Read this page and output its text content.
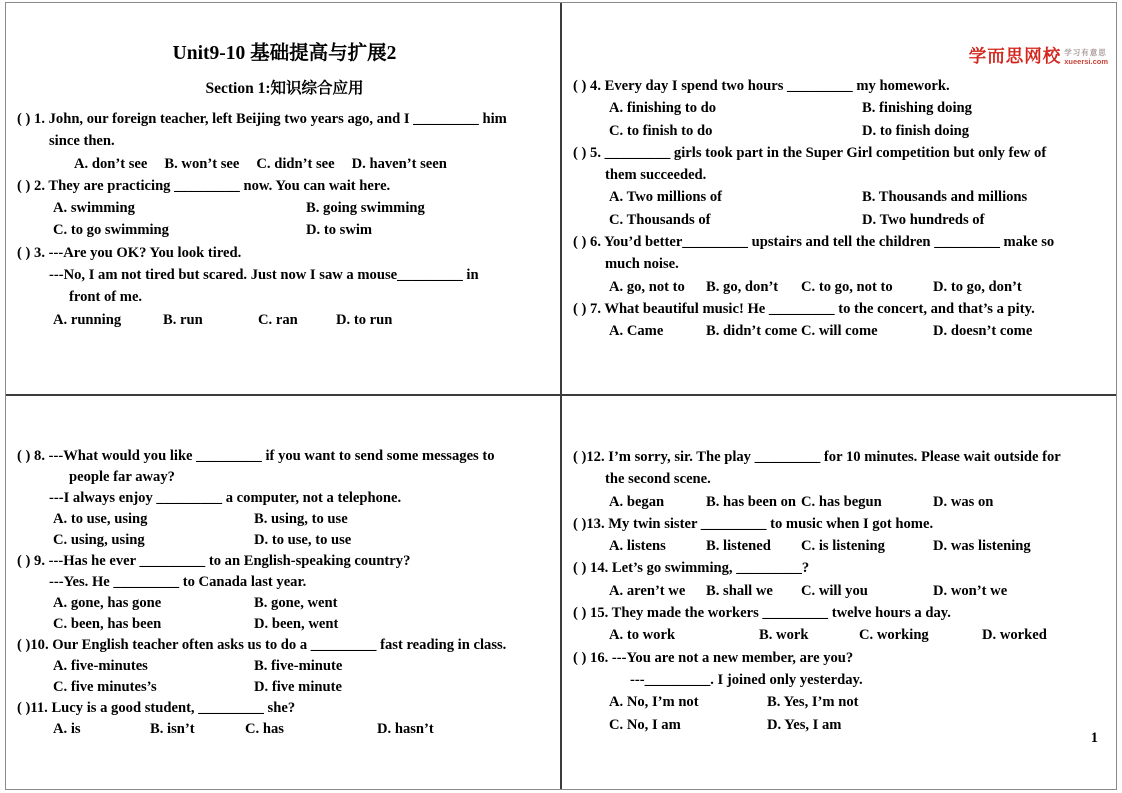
Unit9-10 基础提高与扩展2
Section 1:知识综合应用
( ) 1. John, our foreign teacher, left Beijing two years ago, and I _________ him
since then.
A. don’t see B. won’t see C. didn’t see D. haven’t seen
( ) 2. They are practicing _________ now. You can wait here.
A. swimming	B. going swimming
C. to go swimming	D. to swim
( ) 3. ---Are you OK? You look tired.
---No, I am not tired but scared. Just now I saw a mouse_________ in
front of me.
A. running	B. run	C. ran	D. to run
学而思网校 学习有意思
xueersi.com
( ) 4. Every day I spend two hours _________ my homework.
A. finishing to do	B. finishing doing
C. to finish to do	D. to finish doing
( ) 5. _________ girls took part in the Super Girl competition but only few of
them succeeded.
A. Two millions of	B. Thousands and millions
C. Thousands of	D. Two hundreds of
( ) 6. You’d better_________ upstairs and tell the children _________ make so
much noise.
A. go, not to	B. go, don’t	C. to go, not to	D. to go, don’t
( ) 7. What beautiful music! He _________ to the concert, and that’s a pity.
A. Came	B. didn’t come C. will come	D. doesn’t come
( ) 8. ---What would you like _________ if you want to send some messages to
people far away?
---I always enjoy _________ a computer, not a telephone.
A. to use, using	B. using, to use
C. using, using	D. to use, to use
( ) 9. ---Has he ever _________ to an English-speaking country?
---Yes. He _________ to Canada last year.
A. gone, has gone	B. gone, went
C. been, has been	D. been, went
( )10. Our English teacher often asks us to do a _________ fast reading in class.
A. five-minutes	B. five-minute
C. five minutes’s	D. five minute
( )11. Lucy is a good student, _________ she?
A. is	B. isn’t	C. has	D. hasn’t
( )12. I’m sorry, sir. The play _________ for 10 minutes. Please wait outside for
the second scene.
A. began	B. has been on C. has begun	D. was on
( )13. My twin sister _________ to music when I got home.
A. listens	B. listened	C. is listening	D. was listening
( ) 14. Let’s go swimming, _________?
A. aren’t we	B. shall we	C. will you	D. won’t we
( ) 15. They made the workers _________ twelve hours a day.
A. to work	B. work	C. working	D. worked
( ) 16. ---You are not a new member, are you?
---_________. I joined only yesterday.
A. No, I’m not	B. Yes, I’m not
C. No, I am	D. Yes, I am
1
